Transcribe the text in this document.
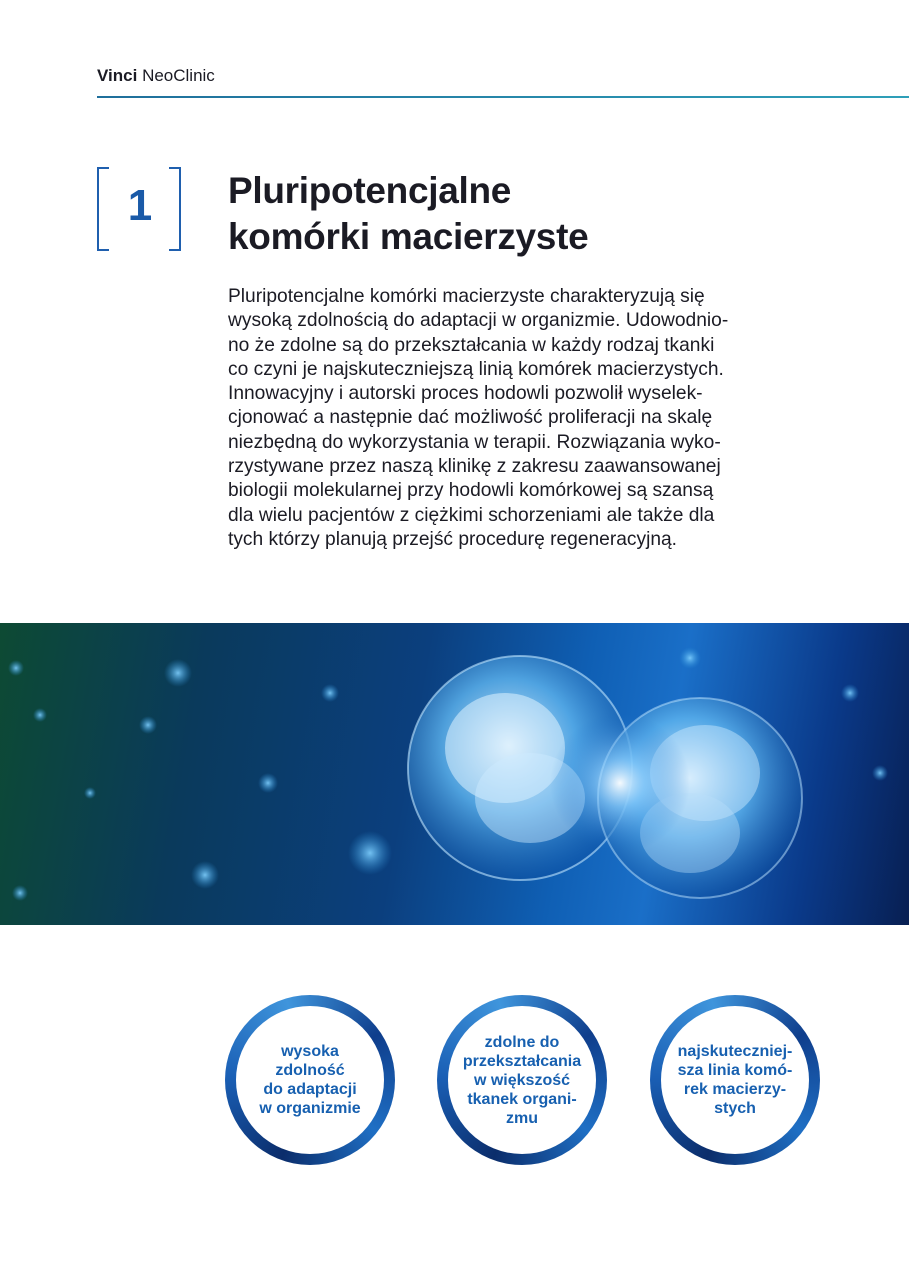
Vinci NeoClinic
1	Pluripotencjalne
komórki macierzyste
Pluripotencjalne komórki macierzyste charakteryzują się
wysoką zdolnością do adaptacji w organizmie. Udowodnio-
no że zdolne są do przekształcania w każdy rodzaj tkanki
co czyni je najskuteczniejszą linią komórek macierzystych.
Innowacyjny i autorski proces hodowli pozwolił wyselek-
cjonować a następnie dać możliwość proliferacji na skalę
niezbędną do wykorzystania w terapii. Rozwiązania wyko-
rzystywane przez naszą klinikę z zakresu zaawansowanej
biologii molekularnej przy hodowli komórkowej są szansą
dla wielu pacjentów z ciężkimi schorzeniami ale także dla
tych którzy planują przejść procedurę regeneracyjną.
wysoka
zdolność
do adaptacji
w organizmie
zdolne do
przekształcania
w większość
tkanek organi-
zmu
najskuteczniej-
sza linia komó-
rek macierzy-
stych
